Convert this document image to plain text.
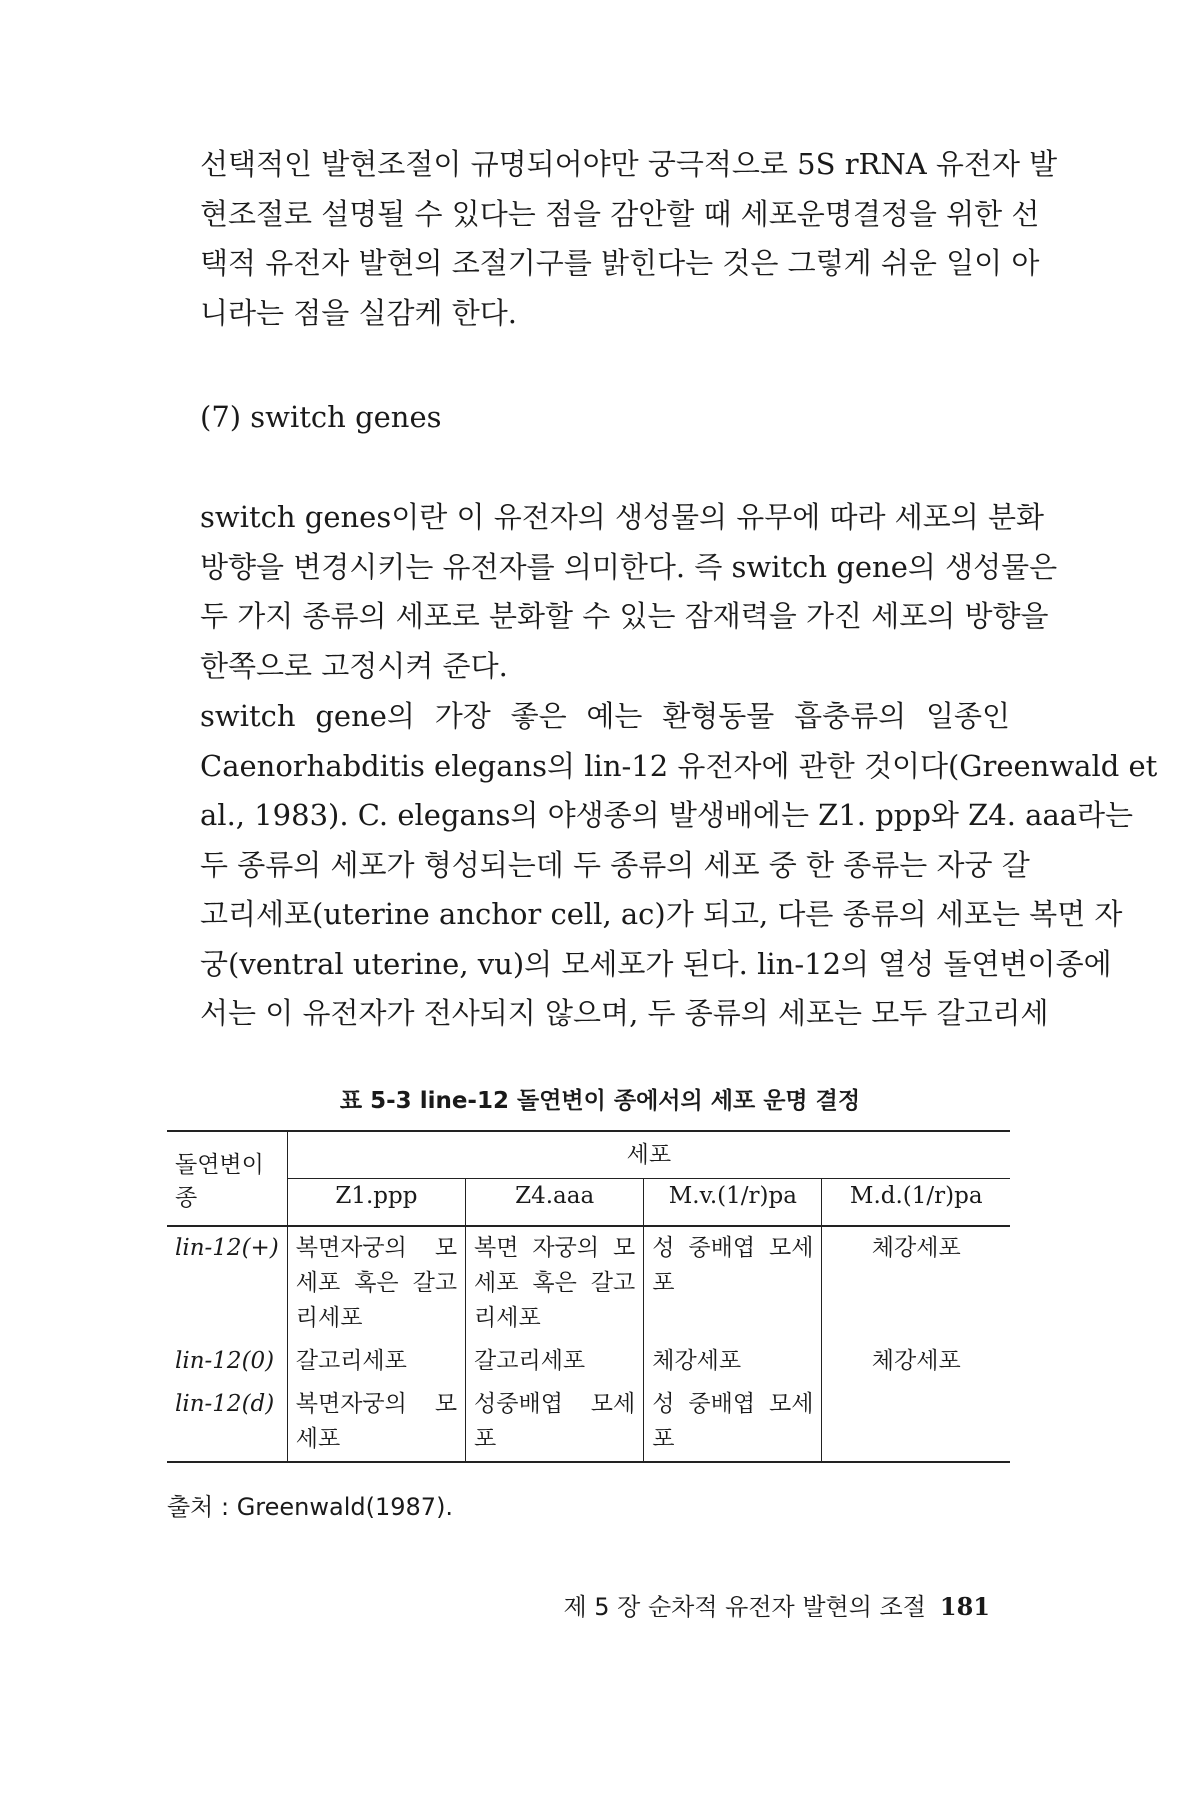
선택적인 발현조절이 규명되어야만 궁극적으로 5S rRNA 유전자 발
현조절로 설명될 수 있다는 점을 감안할 때 세포운명결정을 위한 선
택적 유전자 발현의 조절기구를 밝힌다는 것은 그렇게 쉬운 일이 아
니라는 점을 실감케 한다.

(7) switch genes

switch genes이란 이 유전자의 생성물의 유무에 따라 세포의 분화
방향을 변경시키는 유전자를 의미한다. 즉 switch gene의 생성물은
두 가지 종류의 세포로 분화할 수 있는 잠재력을 가진 세포의 방향을
한쪽으로 고정시켜 준다.

switch gene의 가장 좋은 예는 환형동물 흡충류의 일종인
Caenorhabditis elegans의 lin-12 유전자에 관한 것이다(Greenwald et
al., 1983). C. elegans의 야생종의 발생배에는 Z1. ppp와 Z4. aaa라는
두 종류의 세포가 형성되는데 두 종류의 세포 중 한 종류는 자궁 갈
고리세포(uterine anchor cell, ac)가 되고, 다른 종류의 세포는 복면 자
궁(ventral uterine, vu)의 모세포가 된다. lin-12의 열성 돌연변이종에
서는 이 유전자가 전사되지 않으며, 두 종류의 세포는 모두 갈고리세

표 5-3 line-12 돌연변이 종에서의 세포 운명 결정
돌연변이종	세포			
	Z1.ppp	Z4.aaa	M.v.(1/r)pa	M.d.(1/r)pa
lin-12(+)	복면자궁의 모세포 혹은 갈고리세포	복면 자궁의 모세포 혹은 갈고리세포	성 중배엽 모세포	체강세포
lin-12(0)	갈고리세포	갈고리세포	체강세포	체강세포
lin-12(d)	복면자궁의 모세포	성중배엽 모세포	성 중배엽 모세포	
출처 : Greenwald(1987).
제 5 장 순차적 유전자 발현의 조절 181
